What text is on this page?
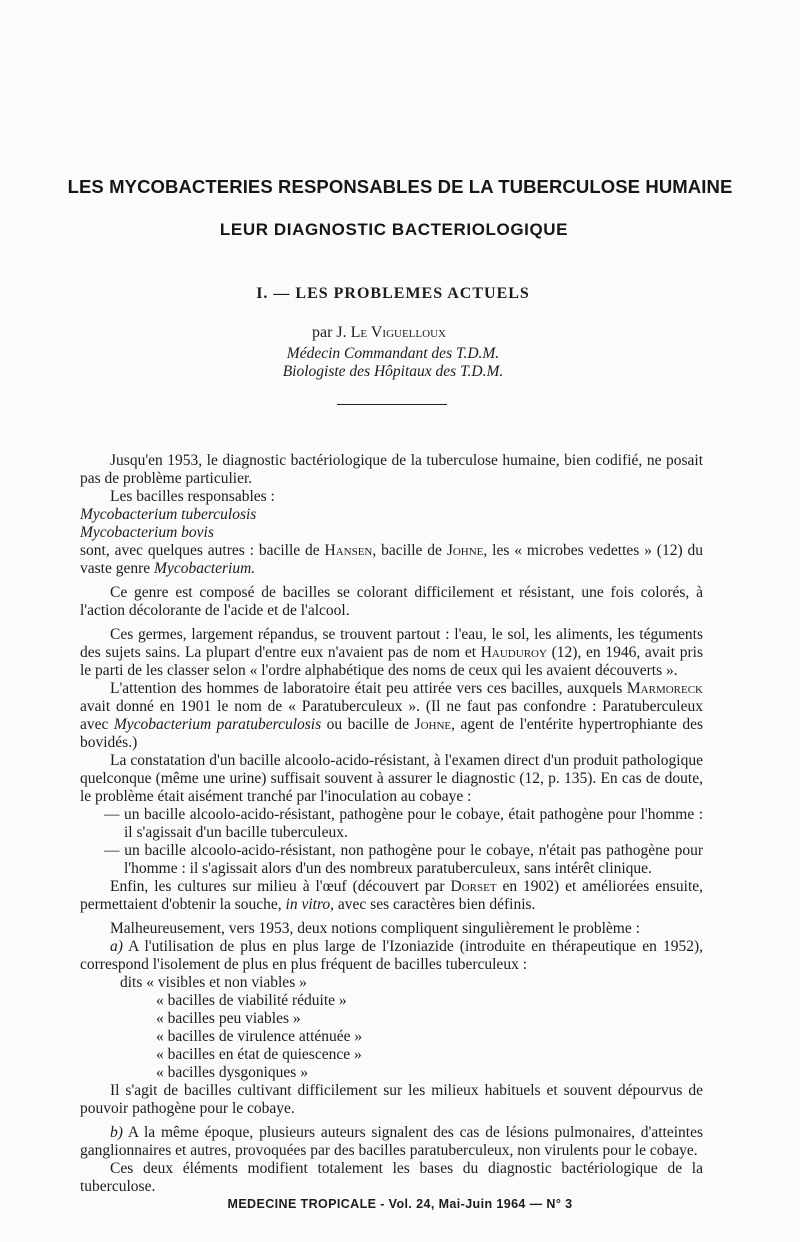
LES MYCOBACTERIES RESPONSABLES DE LA TUBERCULOSE HUMAINE
LEUR DIAGNOSTIC BACTERIOLOGIQUE
I. — LES PROBLEMES ACTUELS
par J. Le Viguelloux
Médecin Commandant des T.D.M.
Biologiste des Hôpitaux des T.D.M.

Jusqu'en 1953, le diagnostic bactériologique de la tuberculose humaine, bien codifié, ne posait pas de problème particulier.

Les bacilles responsables :

Mycobacterium tuberculosis

Mycobacterium bovis

sont, avec quelques autres : bacille de Hansen, bacille de Johne, les « microbes vedettes » (12) du vaste genre Mycobacterium.

Ce genre est composé de bacilles se colorant difficilement et résistant, une fois colorés, à l'action décolorante de l'acide et de l'alcool.

Ces germes, largement répandus, se trouvent partout : l'eau, le sol, les aliments, les téguments des sujets sains. La plupart d'entre eux n'avaient pas de nom et Hauduroy (12), en 1946, avait pris le parti de les classer selon « l'ordre alphabétique des noms de ceux qui les avaient découverts ».

L'attention des hommes de laboratoire était peu attirée vers ces bacilles, auxquels Marmoreck avait donné en 1901 le nom de « Paratuberculeux ». (Il ne faut pas confondre : Paratuberculeux avec Mycobacterium paratuberculosis ou bacille de Johne, agent de l'entérite hypertrophiante des bovidés.)

La constatation d'un bacille alcoolo-acido-résistant, à l'examen direct d'un produit pathologique quelconque (même une urine) suffisait souvent à assurer le diagnostic (12, p. 135). En cas de doute, le problème était aisément tranché par l'inoculation au cobaye :

— un bacille alcoolo-acido-résistant, pathogène pour le cobaye, était pathogène pour l'homme : il s'agissait d'un bacille tuberculeux.

— un bacille alcoolo-acido-résistant, non pathogène pour le cobaye, n'était pas pathogène pour l'homme : il s'agissait alors d'un des nombreux paratuberculeux, sans intérêt clinique.

Enfin, les cultures sur milieu à l'œuf (découvert par Dorset en 1902) et améliorées ensuite, permettaient d'obtenir la souche, in vitro, avec ses caractères bien définis.

Malheureusement, vers 1953, deux notions compliquent singulièrement le problème :

a) A l'utilisation de plus en plus large de l'Izoniazide (introduite en thérapeutique en 1952), correspond l'isolement de plus en plus fréquent de bacilles tuberculeux :

dits « visibles et non viables »
« bacilles de viabilité réduite »
« bacilles peu viables »
« bacilles de virulence atténuée »
« bacilles en état de quiescence »
« bacilles dysgoniques »

Il s'agit de bacilles cultivant difficilement sur les milieux habituels et souvent dépourvus de pouvoir pathogène pour le cobaye.

b) A la même époque, plusieurs auteurs signalent des cas de lésions pulmonaires, d'atteintes ganglionnaires et autres, provoquées par des bacilles paratuberculeux, non virulents pour le cobaye.

Ces deux éléments modifient totalement les bases du diagnostic bactériologique de la tuberculose.

MEDECINE TROPICALE - Vol. 24, Mai-Juin 1964 — N° 3
